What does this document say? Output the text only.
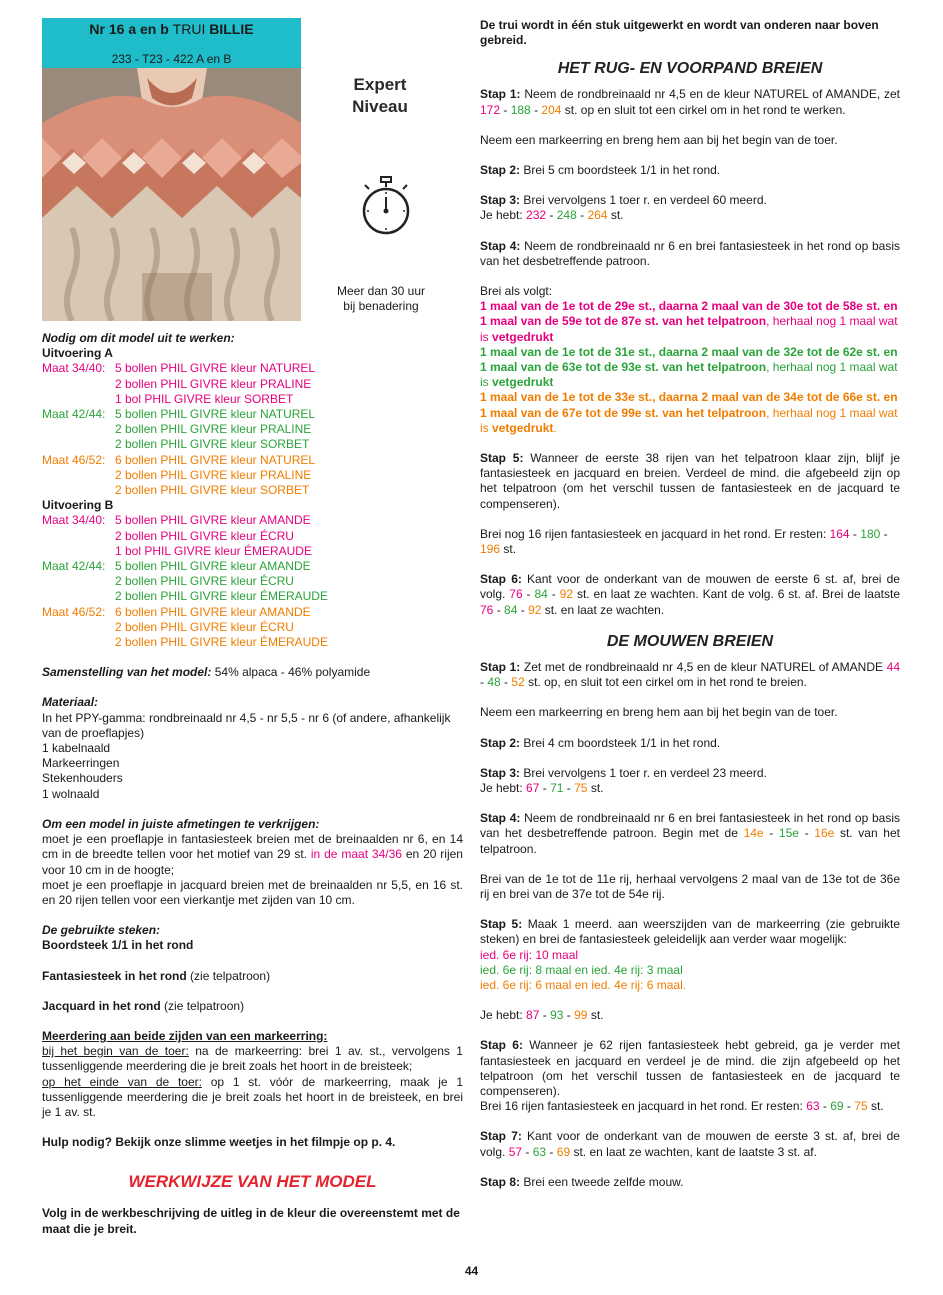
Nr 16 a en b TRUI BILLIE
233 - T23 - 422 A en B
Expert
Niveau
Meer dan 30 uur
bij benadering
Nodig om dit model uit te werken:
Uitvoering A
Maat 34/40: 5 bollen PHIL GIVRE kleur NATUREL
2 bollen PHIL GIVRE kleur PRALINE
1 bol PHIL GIVRE kleur SORBET
Maat 42/44: 5 bollen PHIL GIVRE kleur NATUREL
2 bollen PHIL GIVRE kleur PRALINE
2 bollen PHIL GIVRE kleur SORBET
Maat 46/52: 6 bollen PHIL GIVRE kleur NATUREL
2 bollen PHIL GIVRE kleur PRALINE
2 bollen PHIL GIVRE kleur SORBET
Uitvoering B
Maat 34/40: 5 bollen PHIL GIVRE kleur AMANDE
2 bollen PHIL GIVRE kleur ÉCRU
1 bol PHIL GIVRE kleur ÉMERAUDE
Maat 42/44: 5 bollen PHIL GIVRE kleur AMANDE
2 bollen PHIL GIVRE kleur ÉCRU
2 bollen PHIL GIVRE kleur ÉMERAUDE
Maat 46/52: 6 bollen PHIL GIVRE kleur AMANDE
2 bollen PHIL GIVRE kleur ÉCRU
2 bollen PHIL GIVRE kleur ÉMERAUDE
Samenstelling van het model: 54% alpaca - 46% polyamide
Materiaal:
In het PPY-gamma: rondbreinaald nr 4,5 - nr 5,5 - nr 6 (of andere, afhankelijk van de proeflapjes)
1 kabelnaald
Markeerringen
Stekenhouders
1 wolnaald
Om een model in juiste afmetingen te verkrijgen:
moet je een proeflapje in fantasiesteek breien met de breinaalden nr 6, en 14 cm in de breedte tellen voor het motief van 29 st. in de maat 34/36 en 20 rijen voor 10 cm in de hoogte;
moet je een proeflapje in jacquard breien met de breinaalden nr 5,5, en 16 st. en 20 rijen tellen voor een vierkantje met zijden van 10 cm.
De gebruikte steken:
Boordsteek 1/1 in het rond
Fantasiesteek in het rond (zie telpatroon)
Jacquard in het rond (zie telpatroon)
Meerdering aan beide zijden van een markeerring:
bij het begin van de toer: na de markeerring: brei 1 av. st., vervolgens 1 tussenliggende meerdering die je breit zoals het hoort in de breisteek;
op het einde van de toer: op 1 st. vóór de markeerring, maak je 1 tussenliggende meerdering die je breit zoals het hoort in de breisteek, en brei je 1 av. st.
Hulp nodig? Bekijk onze slimme weetjes in het filmpje op p. 4.
WERKWIJZE VAN HET MODEL
Volg in de werkbeschrijving de uitleg in de kleur die overeenstemt met de maat die je breit.
De trui wordt in één stuk uitgewerkt en wordt van onderen naar boven gebreid.
HET RUG- EN VOORPAND BREIEN
Stap 1: Neem de rondbreinaald nr 4,5 en de kleur NATUREL of AMANDE, zet 172 - 188 - 204 st. op en sluit tot een cirkel om in het rond te werken.
Neem een markeerring en breng hem aan bij het begin van de toer.
Stap 2: Brei 5 cm boordsteek 1/1 in het rond.
Stap 3: Brei vervolgens 1 toer r. en verdeel 60 meerd.
Je hebt: 232 - 248 - 264 st.
Stap 4: Neem de rondbreinaald nr 6 en brei fantasiesteek in het rond op basis van het desbetreffende patroon.
Brei als volgt:
1 maal van de 1e tot de 29e st., daarna 2 maal van de 30e tot de 58e st. en 1 maal van de 59e tot de 87e st. van het telpatroon, herhaal nog 1 maal wat is vetgedrukt
1 maal van de 1e tot de 31e st., daarna 2 maal van de 32e tot de 62e st. en 1 maal van de 63e tot de 93e st. van het telpatroon, herhaal nog 1 maal wat is vetgedrukt
1 maal van de 1e tot de 33e st., daarna 2 maal van de 34e tot de 66e st. en 1 maal van de 67e tot de 99e st. van het telpatroon, herhaal nog 1 maal wat is vetgedrukt.
Stap 5: Wanneer de eerste 38 rijen van het telpatroon klaar zijn, blijf je fantasiesteek en jacquard en breien. Verdeel de mind. die afgebeeld zijn op het telpatroon (om het verschil tussen de fantasiesteek en de jacquard te compenseren).
Brei nog 16 rijen fantasiesteek en jacquard in het rond. Er resten: 164 - 180 - 196 st.
Stap 6: Kant voor de onderkant van de mouwen de eerste 6 st. af, brei de volg. 76 - 84 - 92 st. en laat ze wachten. Kant de volg. 6 st. af. Brei de laatste 76 - 84 - 92 st. en laat ze wachten.
DE MOUWEN BREIEN
Stap 1: Zet met de rondbreinaald nr 4,5 en de kleur NATUREL of AMANDE 44 - 48 - 52 st. op, en sluit tot een cirkel om in het rond te breien.
Neem een markeerring en breng hem aan bij het begin van de toer.
Stap 2: Brei 4 cm boordsteek 1/1 in het rond.
Stap 3: Brei vervolgens 1 toer r. en verdeel 23 meerd.
Je hebt: 67 - 71 - 75 st.
Stap 4: Neem de rondbreinaald nr 6 en brei fantasiesteek in het rond op basis van het desbetreffende patroon. Begin met de 14e - 15e - 16e st. van het telpatroon.
Brei van de 1e tot de 11e rij, herhaal vervolgens 2 maal van de 13e tot de 36e rij en brei van de 37e tot de 54e rij.
Stap 5: Maak 1 meerd. aan weerszijden van de markeerring (zie gebruikte steken) en brei de fantasiesteek geleidelijk aan verder waar mogelijk:
ied. 6e rij: 10 maal
ied. 6e rij: 8 maal en ied. 4e rij: 3 maal
ied. 6e rij: 6 maal en ied. 4e rij: 6 maal.
Je hebt: 87 - 93 - 99 st.
Stap 6: Wanneer je 62 rijen fantasiesteek hebt gebreid, ga je verder met fantasiesteek en jacquard en verdeel je de mind. die zijn afgebeeld op het telpatroon (om het verschil tussen de fantasiesteek en de jacquard te compenseren).
Brei 16 rijen fantasiesteek en jacquard in het rond. Er resten: 63 - 69 - 75 st.
Stap 7: Kant voor de onderkant van de mouwen de eerste 3 st. af, brei de volg. 57 - 63 - 69 st. en laat ze wachten, kant de laatste 3 st. af.
Stap 8: Brei een tweede zelfde mouw.
44
